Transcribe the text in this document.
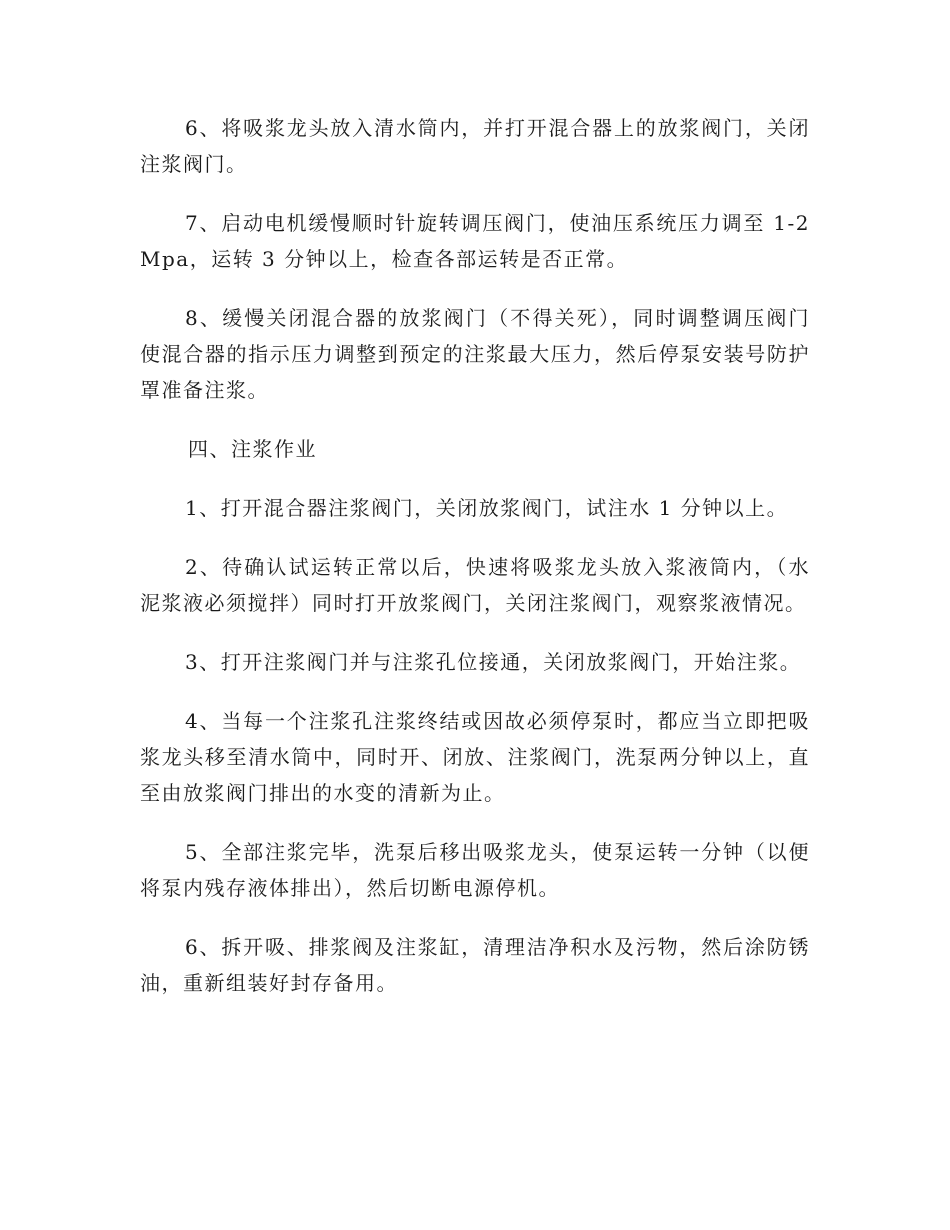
6、将吸浆龙头放入清水筒内，并打开混合器上的放浆阀门，关闭注浆阀门。

7、启动电机缓慢顺时针旋转调压阀门，使油压系统压力调至 1-2Mpa，运转 3 分钟以上，检查各部运转是否正常。

8、缓慢关闭混合器的放浆阀门（不得关死），同时调整调压阀门使混合器的指示压力调整到预定的注浆最大压力，然后停泵安装号防护罩准备注浆。

四、注浆作业

1、打开混合器注浆阀门，关闭放浆阀门，试注水 1 分钟以上。

2、待确认试运转正常以后，快速将吸浆龙头放入浆液筒内，（水泥浆液必须搅拌）同时打开放浆阀门，关闭注浆阀门，观察浆液情况。

3、打开注浆阀门并与注浆孔位接通，关闭放浆阀门，开始注浆。

4、当每一个注浆孔注浆终结或因故必须停泵时，都应当立即把吸浆龙头移至清水筒中，同时开、闭放、注浆阀门，洗泵两分钟以上，直至由放浆阀门排出的水变的清新为止。

5、全部注浆完毕，洗泵后移出吸浆龙头，使泵运转一分钟（以便将泵内残存液体排出），然后切断电源停机。

6、拆开吸、排浆阀及注浆缸，清理洁净积水及污物，然后涂防锈油，重新组装好封存备用。
